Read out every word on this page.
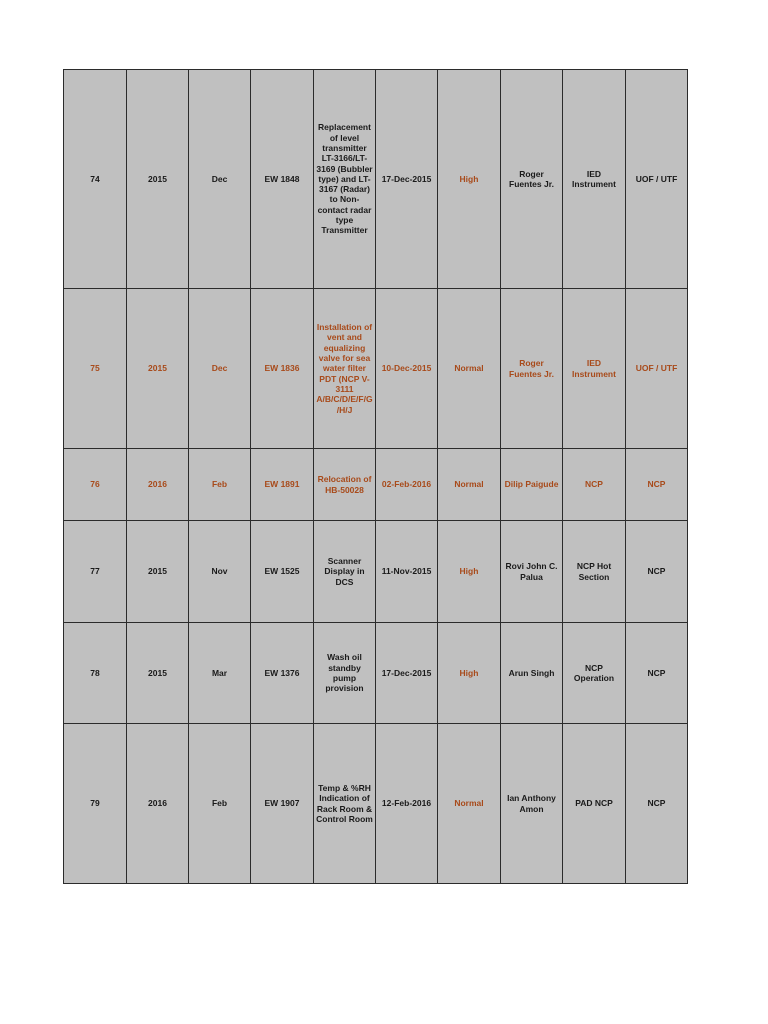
74	2015	Dec	EW 1848	Replacement of level transmitter LT-3166/LT-3169 (Bubbler type) and LT-3167 (Radar) to Non-contact radar type Transmitter	17-Dec-2015	High	Roger Fuentes Jr.	IED Instrument	UOF / UTF
75	2015	Dec	EW 1836	Installation of vent and equalizing valve for sea water filter PDT (NCP V-3111 A/B/C/D/E/F/G/H/J	10-Dec-2015	Normal	Roger Fuentes Jr.	IED Instrument	UOF / UTF
76	2016	Feb	EW 1891	Relocation of HB-50028	02-Feb-2016	Normal	Dilip Paigude	NCP	NCP
77	2015	Nov	EW 1525	Scanner Display in DCS	11-Nov-2015	High	Rovi John C. Palua	NCP Hot Section	NCP
78	2015	Mar	EW 1376	Wash oil standby pump provision	17-Dec-2015	High	Arun Singh	NCP Operation	NCP
79	2016	Feb	EW 1907	Temp & %RH Indication of Rack Room & Control Room	12-Feb-2016	Normal	Ian Anthony Amon	PAD NCP	NCP
